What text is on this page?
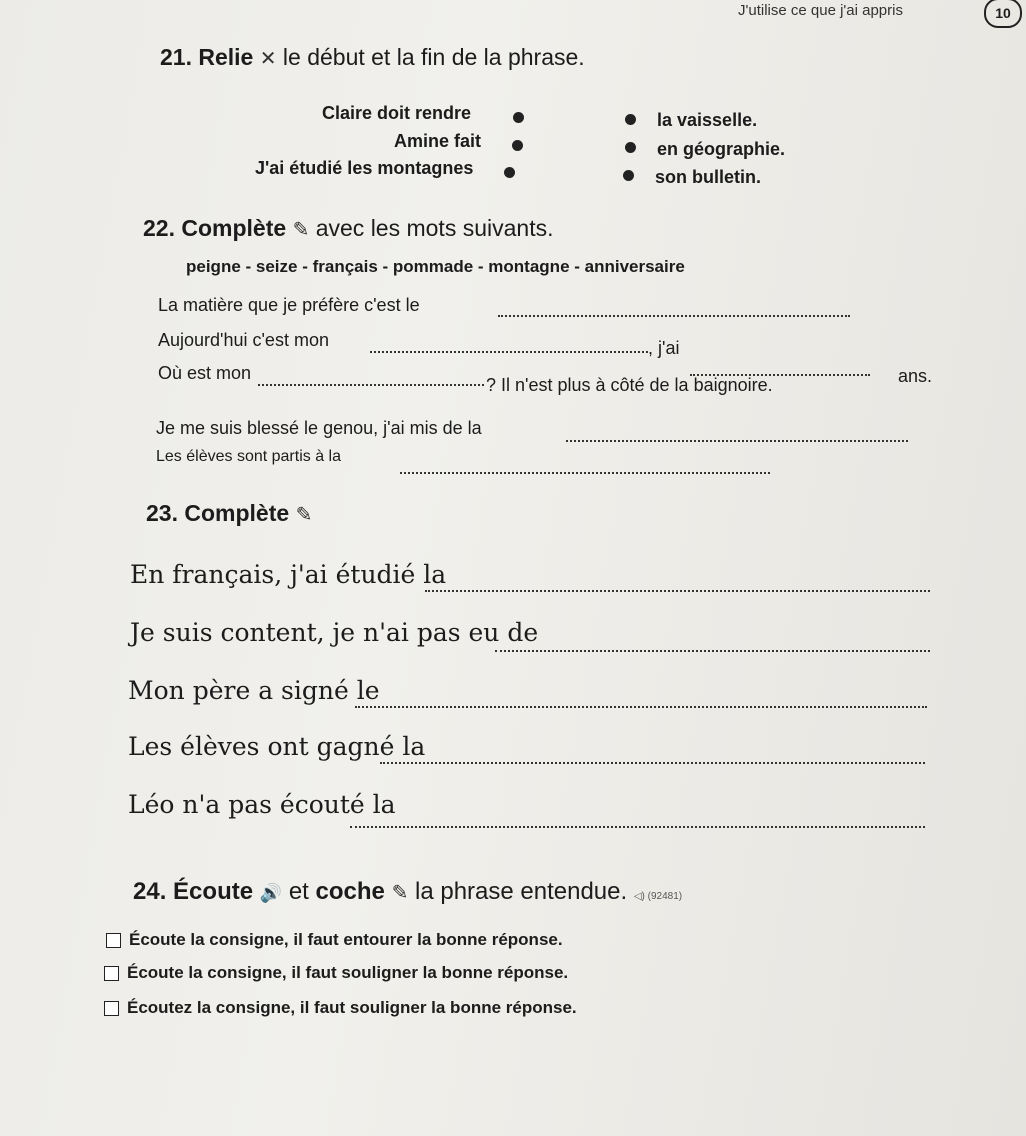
J'utilise ce que j'ai appris	10
21. Relie ✕ le début et la fin de la phrase.
Claire doit rendre
Amine fait
J'ai étudié les montagnes
la vaisselle.
en géographie.
son bulletin.
22. Complète ✎ avec les mots suivants.
peigne - seize - français - pommade - montagne - anniversaire
La matière que je préfère c'est le
Aujourd'hui c'est mon	, j'ai
ans.
Où est mon
? Il n'est plus à côté de la baignoire.
Je me suis blessé le genou, j'ai mis de la
Les élèves sont partis à la
23. Complète ✎
En français, j'ai étudié la
Je suis content, je n'ai pas eu de
Mon père a signé le
Les élèves ont gagné la
Léo n'a pas écouté la
24. Écoute 🔊 et coche ✎ la phrase entendue. ◁) (92481)
Écoute la consigne, il faut entourer la bonne réponse.
Écoute la consigne, il faut souligner la bonne réponse.
Écoutez la consigne, il faut souligner la bonne réponse.
